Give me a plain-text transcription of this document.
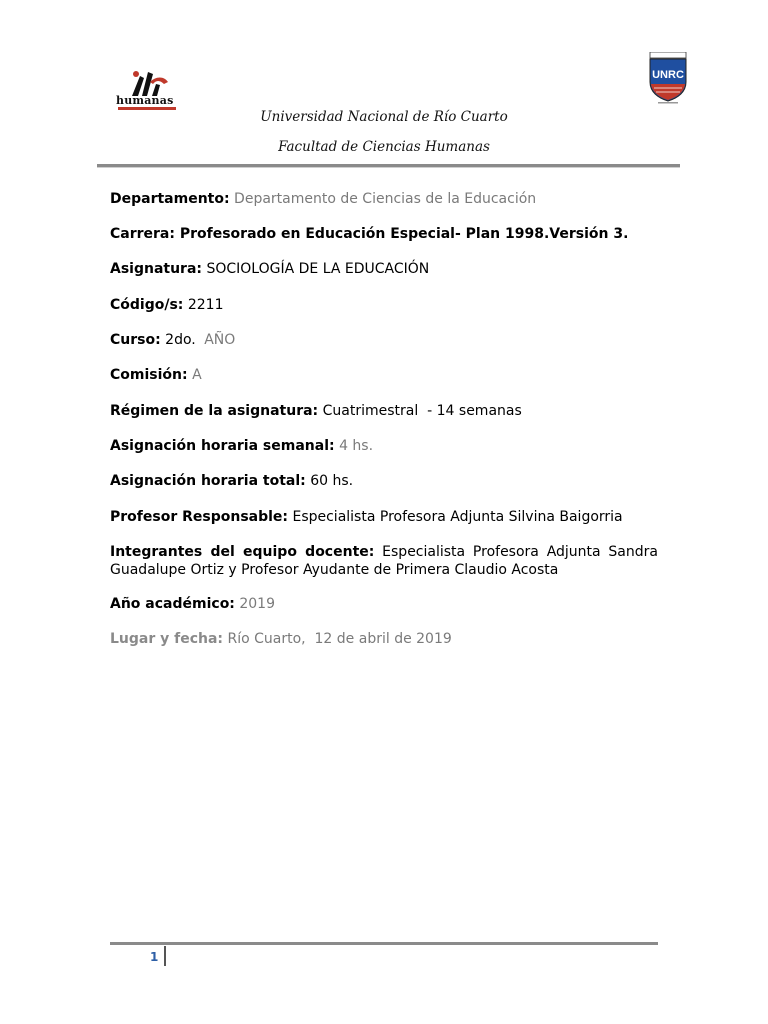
humanas
UNRC
Universidad Nacional de Río Cuarto
Facultad de Ciencias Humanas
Departamento: Departamento de Ciencias de la Educación
Carrera: Profesorado en Educación Especial- Plan 1998.Versión 3.
Asignatura: SOCIOLOGÍA DE LA EDUCACIÓN
Código/s: 2211
Curso: 2do. AÑO
Comisión: A
Régimen de la asignatura: Cuatrimestral  - 14 semanas
Asignación horaria semanal: 4 hs.
Asignación horaria total: 60 hs.
Profesor Responsable: Especialista Profesora Adjunta Silvina Baigorria
Integrantes del equipo docente: Especialista Profesora Adjunta Sandra Guadalupe Ortiz y Profesor Ayudante de Primera Claudio Acosta
Año académico: 2019
Lugar y fecha: Río Cuarto,  12 de abril de 2019
1
